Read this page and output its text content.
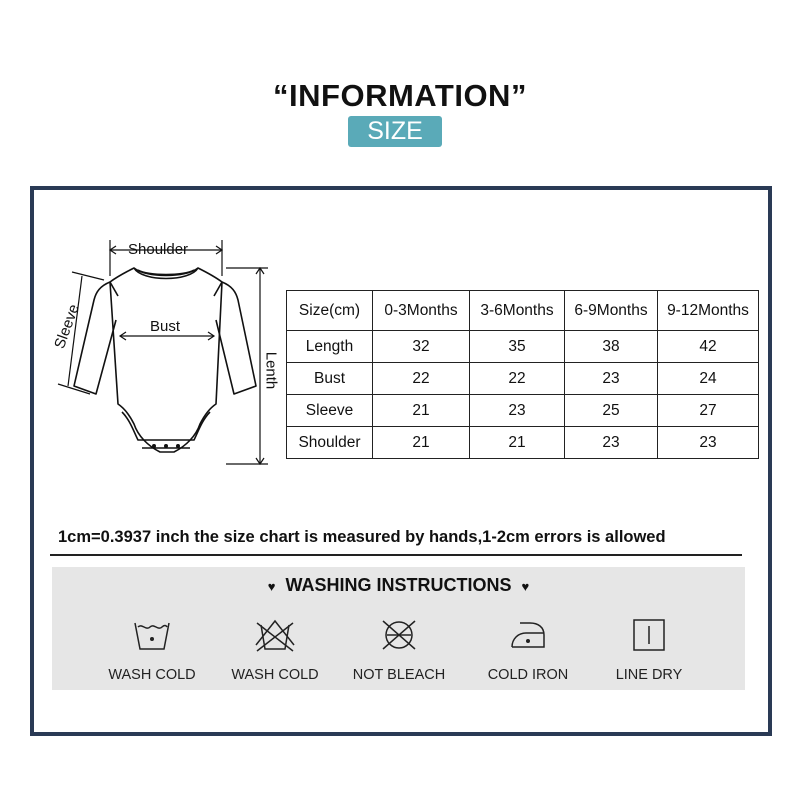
“INFORMATION”
SIZE
Shoulder
Bust
Sleeve
Lenth
Size(cm)	0-3Months	3-6Months	6-9Months	9-12Months
Length	32	35	38	42
Bust	22	22	23	24
Sleeve	21	23	25	27
Shoulder	21	21	23	23
1cm=0.3937 inch the size chart is measured by hands,1-2cm errors is allowed
♥ WASHING INSTRUCTIONS ♥
WASH COLD	WASH COLD	NOT BLEACH	COLD IRON	LINE DRY
